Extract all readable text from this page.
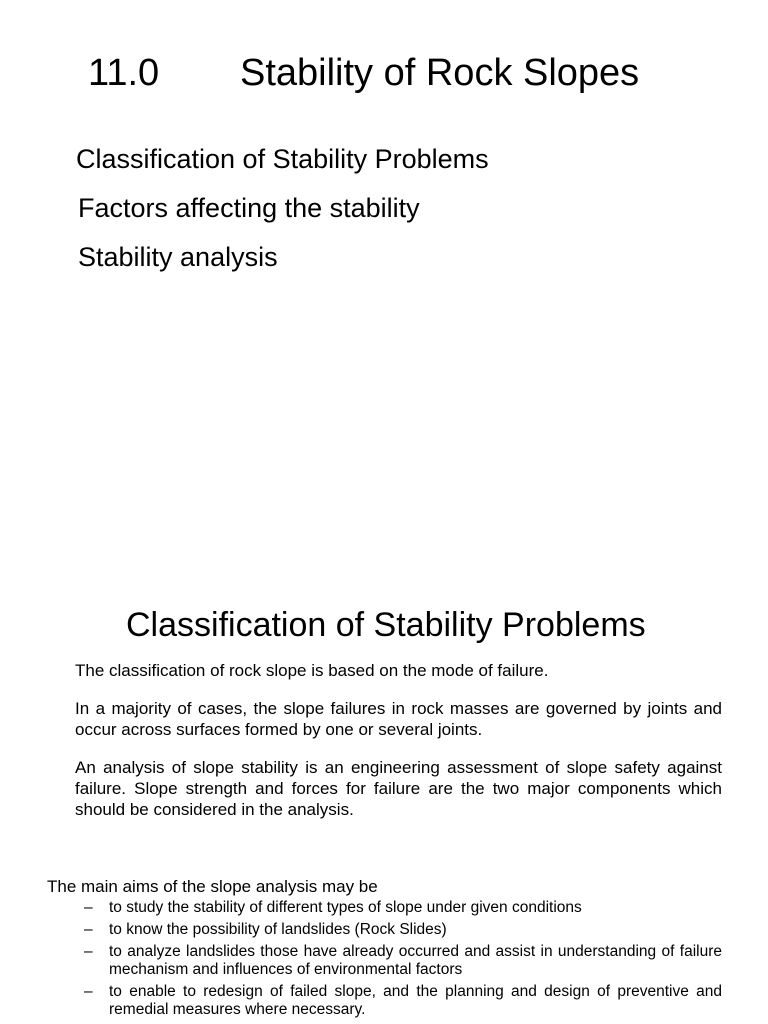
11.0 Stability of Rock Slopes
Classification of Stability Problems
Factors affecting the stability
Stability analysis
Classification of Stability Problems

The classification of rock slope is based on the mode of failure.

In a majority of cases, the slope failures in rock masses are governed by joints and occur across surfaces formed by one or several joints.

An analysis of slope stability is an engineering assessment of slope safety against failure. Slope strength and forces for failure are the two major components which should be considered in the analysis.

The main aims of the slope analysis may be
– to study the stability of different types of slope under given conditions
– to know the possibility of landslides (Rock Slides)
– to analyze landslides those have already occurred and assist in understanding of failure mechanism and influences of environmental factors
– to enable to redesign of failed slope, and the planning and design of preventive and remedial measures where necessary.
